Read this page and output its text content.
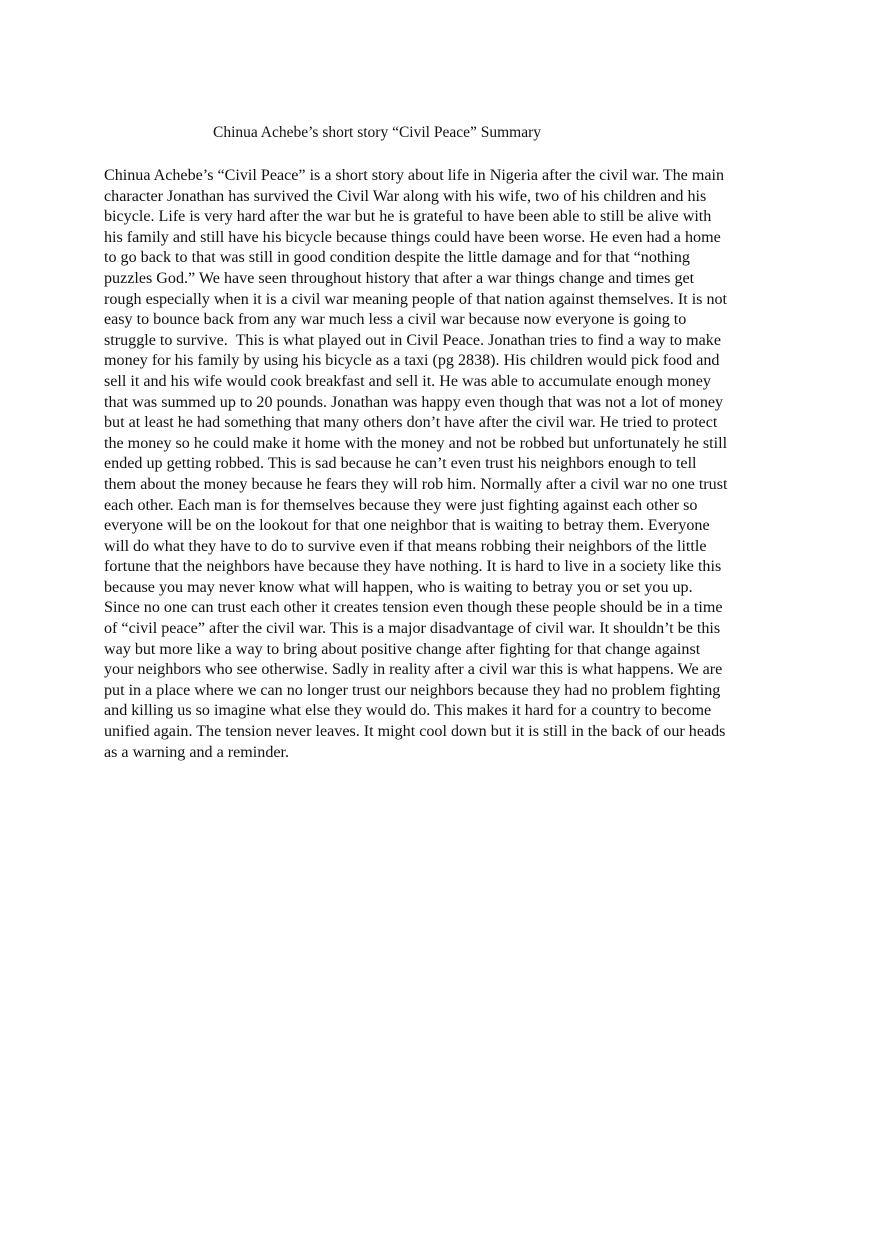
Chinua Achebe’s short story “Civil Peace” Summary
Chinua Achebe’s “Civil Peace” is a short story about life in Nigeria after the civil war. The main
character Jonathan has survived the Civil War along with his wife, two of his children and his
bicycle. Life is very hard after the war but he is grateful to have been able to still be alive with
his family and still have his bicycle because things could have been worse. He even had a home
to go back to that was still in good condition despite the little damage and for that “nothing
puzzles God.” We have seen throughout history that after a war things change and times get
rough especially when it is a civil war meaning people of that nation against themselves. It is not
easy to bounce back from any war much less a civil war because now everyone is going to
struggle to survive.  This is what played out in Civil Peace. Jonathan tries to find a way to make
money for his family by using his bicycle as a taxi (pg 2838). His children would pick food and
sell it and his wife would cook breakfast and sell it. He was able to accumulate enough money
that was summed up to 20 pounds. Jonathan was happy even though that was not a lot of money
but at least he had something that many others don’t have after the civil war. He tried to protect
the money so he could make it home with the money and not be robbed but unfortunately he still
ended up getting robbed. This is sad because he can’t even trust his neighbors enough to tell
them about the money because he fears they will rob him. Normally after a civil war no one trust
each other. Each man is for themselves because they were just fighting against each other so
everyone will be on the lookout for that one neighbor that is waiting to betray them. Everyone
will do what they have to do to survive even if that means robbing their neighbors of the little
fortune that the neighbors have because they have nothing. It is hard to live in a society like this
because you may never know what will happen, who is waiting to betray you or set you up.
Since no one can trust each other it creates tension even though these people should be in a time
of “civil peace” after the civil war. This is a major disadvantage of civil war. It shouldn’t be this
way but more like a way to bring about positive change after fighting for that change against
your neighbors who see otherwise. Sadly in reality after a civil war this is what happens. We are
put in a place where we can no longer trust our neighbors because they had no problem fighting
and killing us so imagine what else they would do. This makes it hard for a country to become
unified again. The tension never leaves. It might cool down but it is still in the back of our heads
as a warning and a reminder.
